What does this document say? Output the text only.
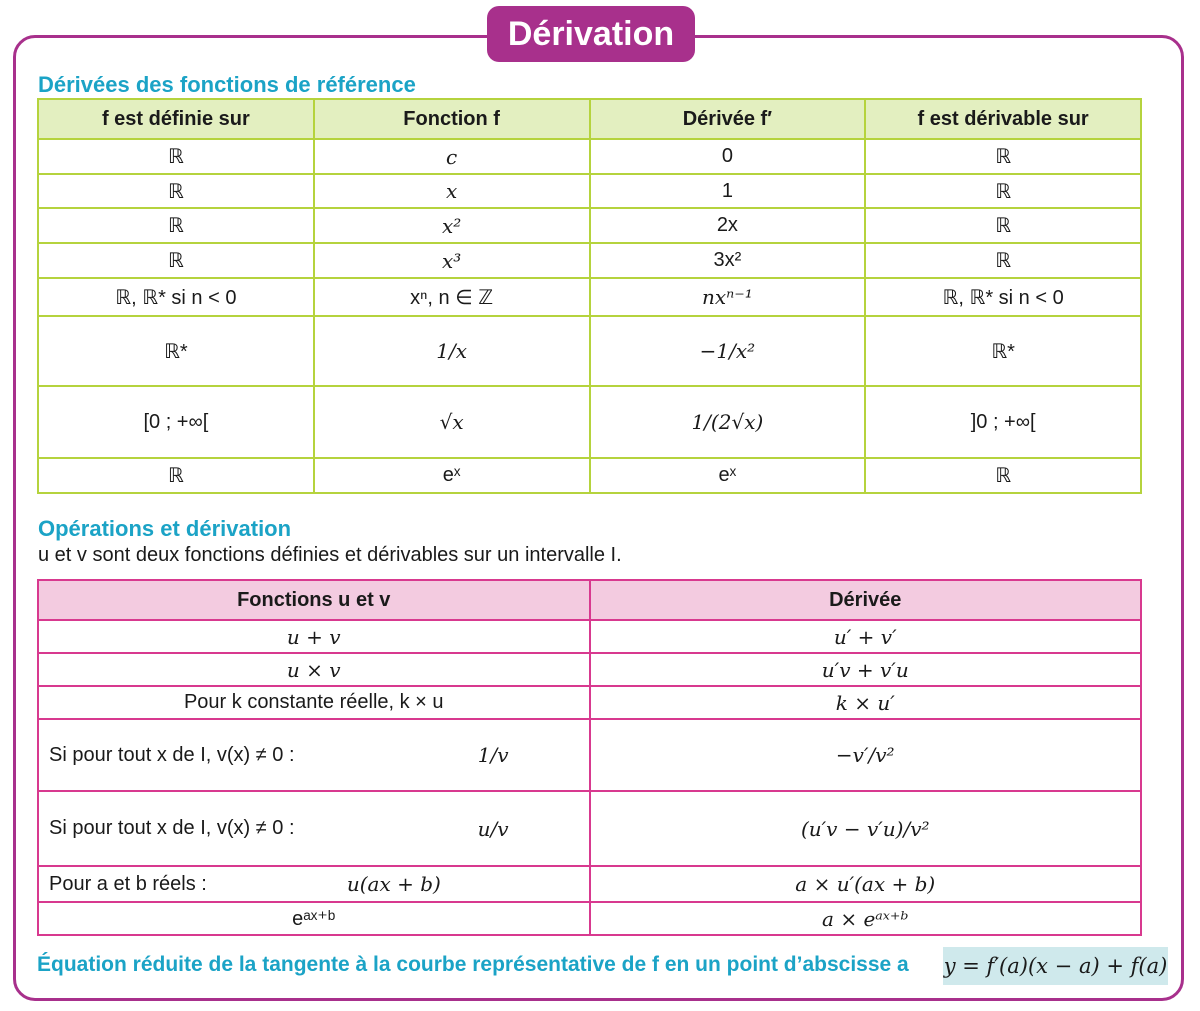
Dérivation
Dérivées des fonctions de référence
f est définie sur	Fonction f	Dérivée f′	f est dérivable sur
ℝ	c	0	ℝ
ℝ	x	1	ℝ
ℝ	x²	2x	ℝ
ℝ	x³	3x²	ℝ
ℝ, ℝ* si n < 0	xⁿ, n ∈ ℤ	nxⁿ⁻¹	ℝ, ℝ* si n < 0
ℝ*	1/x	−1/x²	ℝ*
[0 ; +∞[	√x	1/(2√x)	]0 ; +∞[
ℝ	eˣ	eˣ	ℝ
Opérations et dérivation
u et v sont deux fonctions définies et dérivables sur un intervalle I.
Fonctions u et v	Dérivée
u + v	u′ + v′
u × v	u′v + v′u
Pour k constante réelle, k × u	k × u′

Si pour tout x de I, v(x) ≠ 0 : 1/v	−v′/v²

Si pour tout x de I, v(x) ≠ 0 : u/v	(u′v − v′u)/v²

Pour a et b réels : u(ax + b)	a × u′(ax + b)
eᵃˣ⁺ᵇ	a × eᵃˣ⁺ᵇ
Équation réduite de la tangente à la courbe représentative de f en un point d’abscisse a y = f′(a)(x − a) + f(a)
